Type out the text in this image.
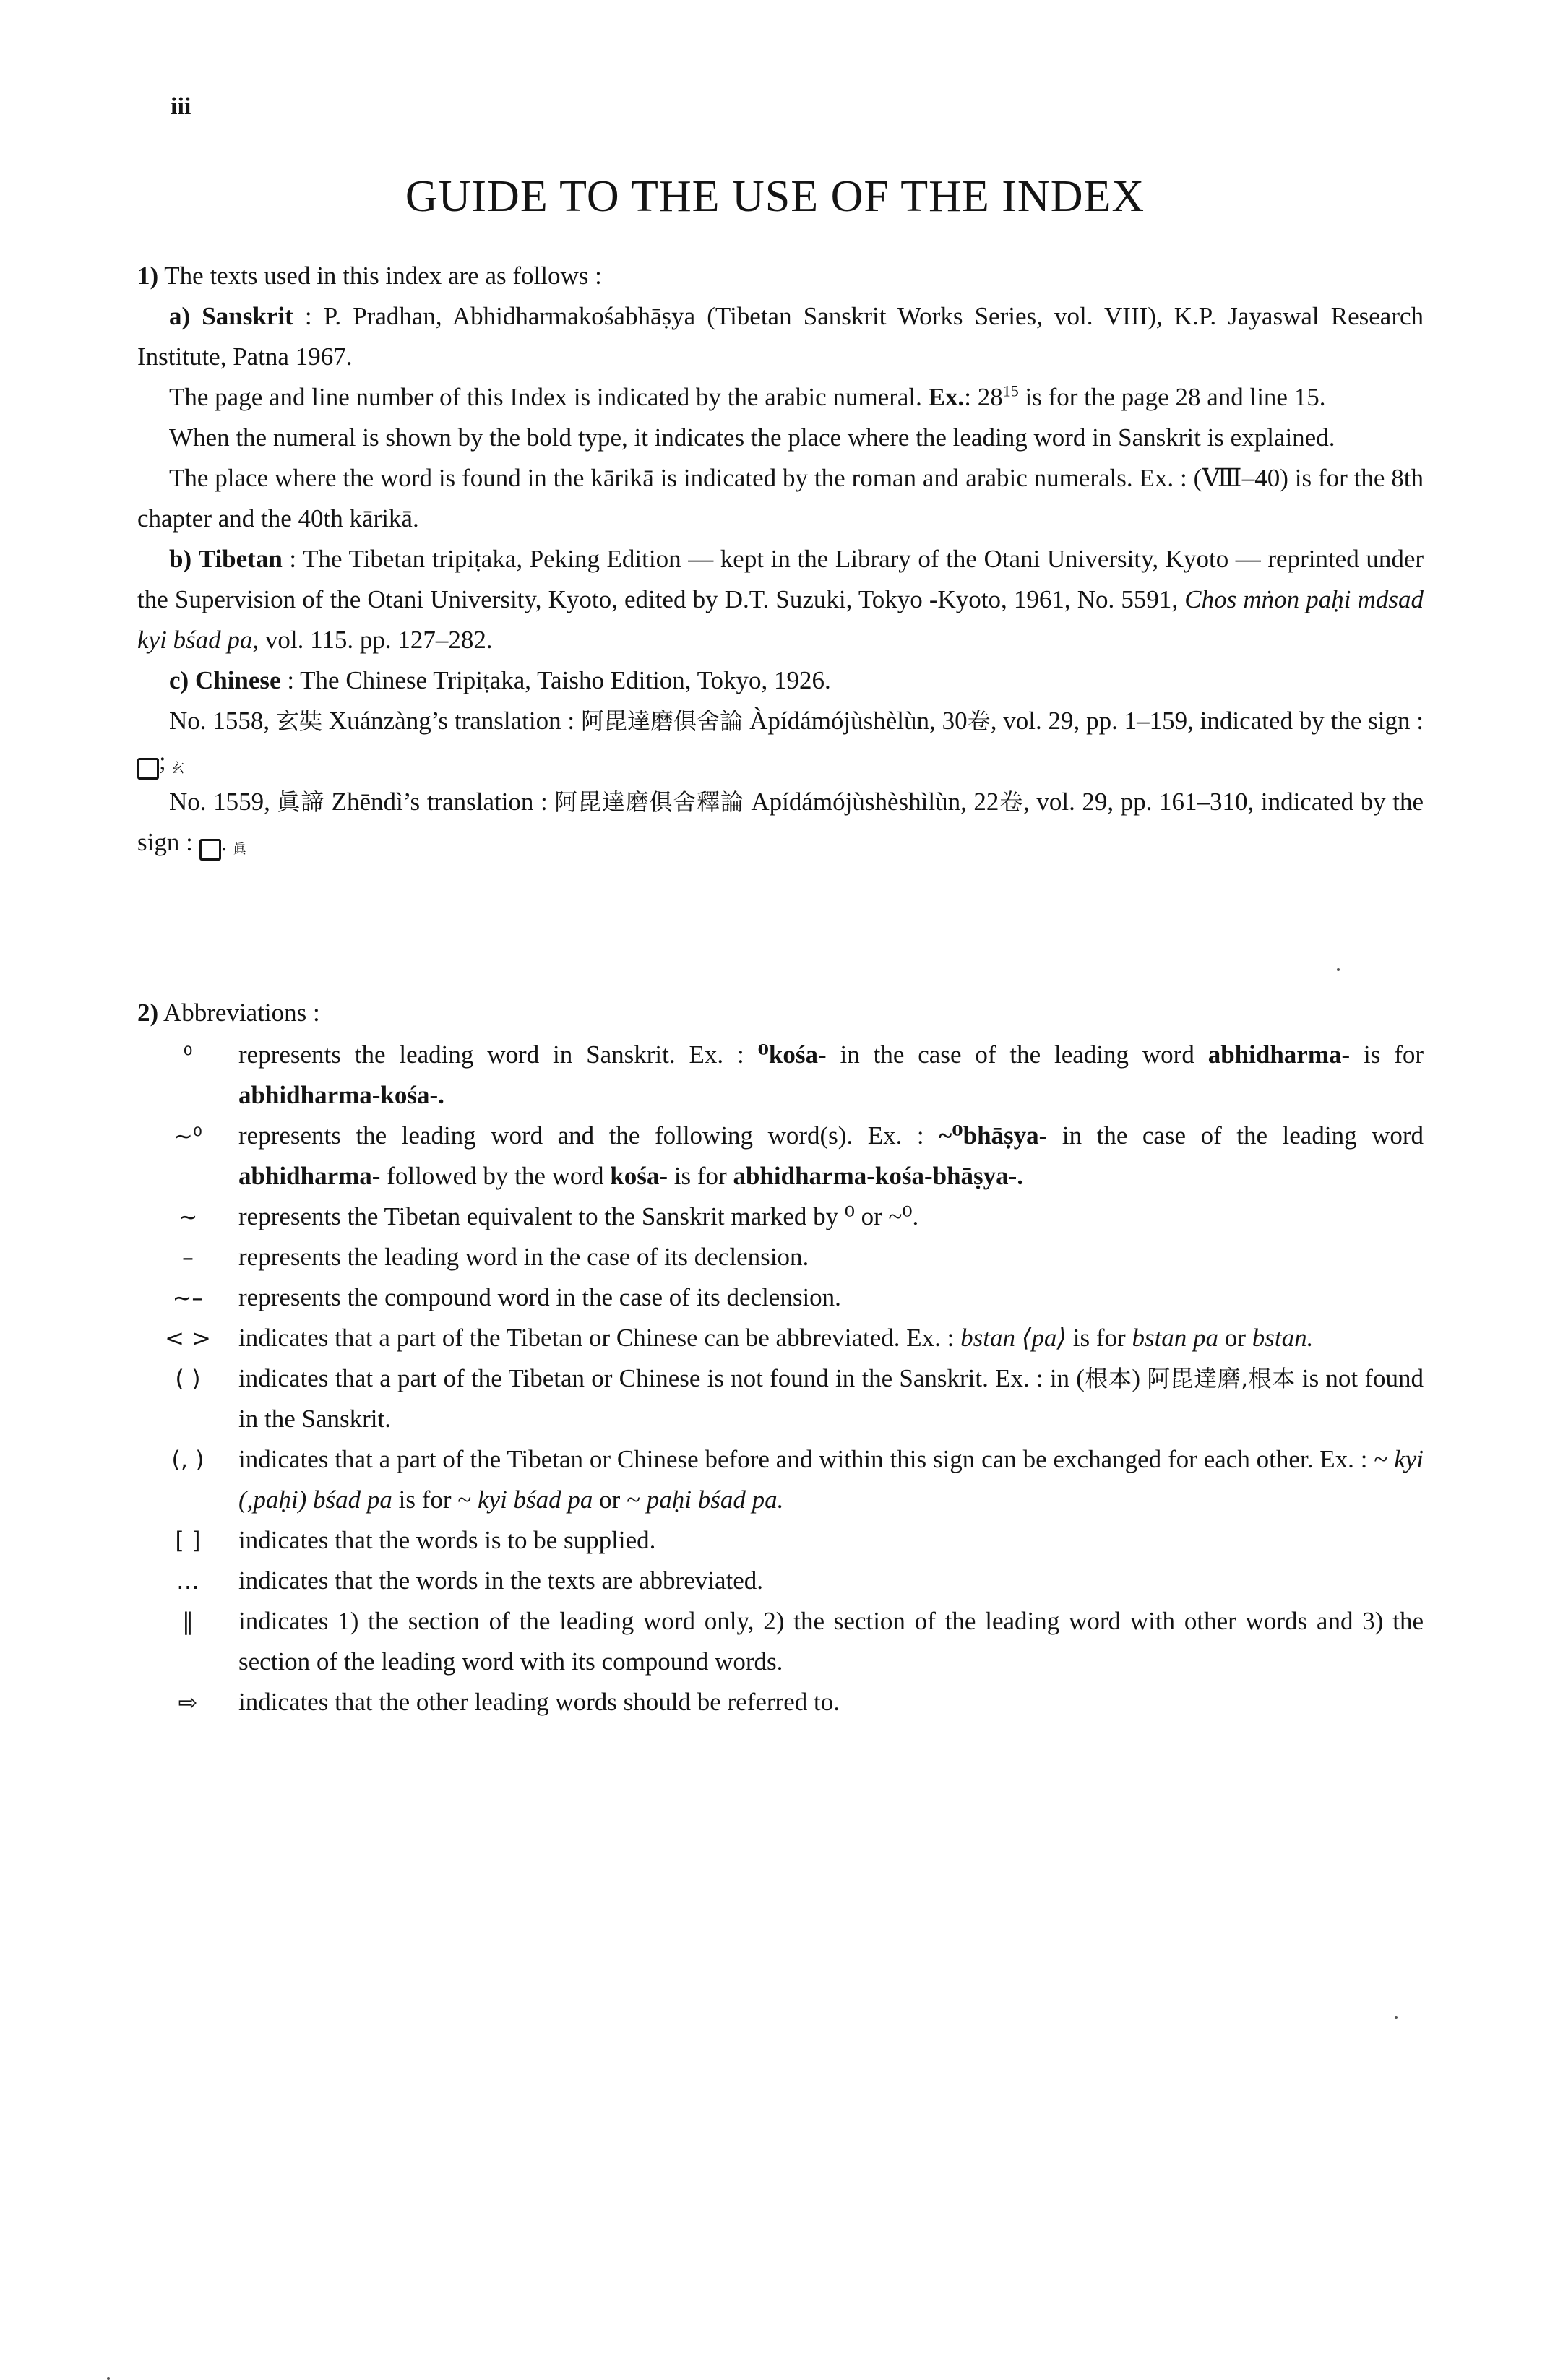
iii
GUIDE TO THE USE OF THE INDEX

1) The texts used in this index are as follows :

a) Sanskrit : P. Pradhan, Abhidharmakośabhāṣya (Tibetan Sanskrit Works Series, vol. VIII), K.P. Jayaswal Research Institute, Patna 1967.

The page and line number of this Index is indicated by the arabic numeral. Ex.: $28^{15}$ is for the page 28 and line 15.

When the numeral is shown by the bold type, it indicates the place where the leading word in Sanskrit is explained.

The place where the word is found in the kārikā is indicated by the roman and arabic numerals. Ex. : (Ⅷ–40) is for the 8th chapter and the 40th kārikā.

b) Tibetan : The Tibetan tripiṭaka, Peking Edition — kept in the Library of the Otani University, Kyoto — reprinted under the Supervision of the Otani University, Kyoto, edited by D.T. Suzuki, Tokyo -Kyoto, 1961, No. 5591, Chos mṅon paḥi mdsad kyi bśad pa, vol. 115. pp. 127–282.

c) Chinese : The Chinese Tripiṭaka, Taisho Edition, Tokyo, 1926.

No. 1558, 玄奘 Xuánzàng’s translation : 阿毘達磨俱舍論 Àpídámójùshèlùn, 30卷, vol. 29, pp. 1–159, indicated by the sign : 玄;

No. 1559, 眞諦 Zhēndì’s translation : 阿毘達磨俱舍釋論 Apídámójùshèshìlùn, 22卷, vol. 29, pp. 161–310, indicated by the sign :	眞.

2) Abbreviations :

⁰	represents the leading word in Sanskrit. Ex. : ⁰kośa- in the case of the leading word abhidharma- is for abhidharma-kośa-.

~⁰	represents the leading word and the following word(s). Ex. : ~⁰bhāṣya- in the case of the leading word abhidharma- followed by the word kośa- is for abhidharma-kośa-bhāṣya-.

~	represents the Tibetan equivalent to the Sanskrit marked by ⁰ or ~⁰.

–	represents the leading word in the case of its declension.

~–	represents the compound word in the case of its declension.

< >	indicates that a part of the Tibetan or Chinese can be abbreviated. Ex. : bstan ⟨pa⟩ is for bstan pa or bstan.

( )	indicates that a part of the Tibetan or Chinese is not found in the Sanskrit. Ex. : in (根本) 阿毘達磨,根本 is not found in the Sanskrit.

(, )	indicates that a part of the Tibetan or Chinese before and within this sign can be exchanged for each other. Ex. : ~ kyi (,paḥi) bśad pa is for ~ kyi bśad pa or ~ paḥi bśad pa.

[ ]	indicates that the words is to be supplied.

…	indicates that the words in the texts are abbreviated.

‖	indicates 1) the section of the leading word only, 2) the section of the leading word with other words and 3) the section of the leading word with its compound words.

⇨	indicates that the other leading words should be referred to.
